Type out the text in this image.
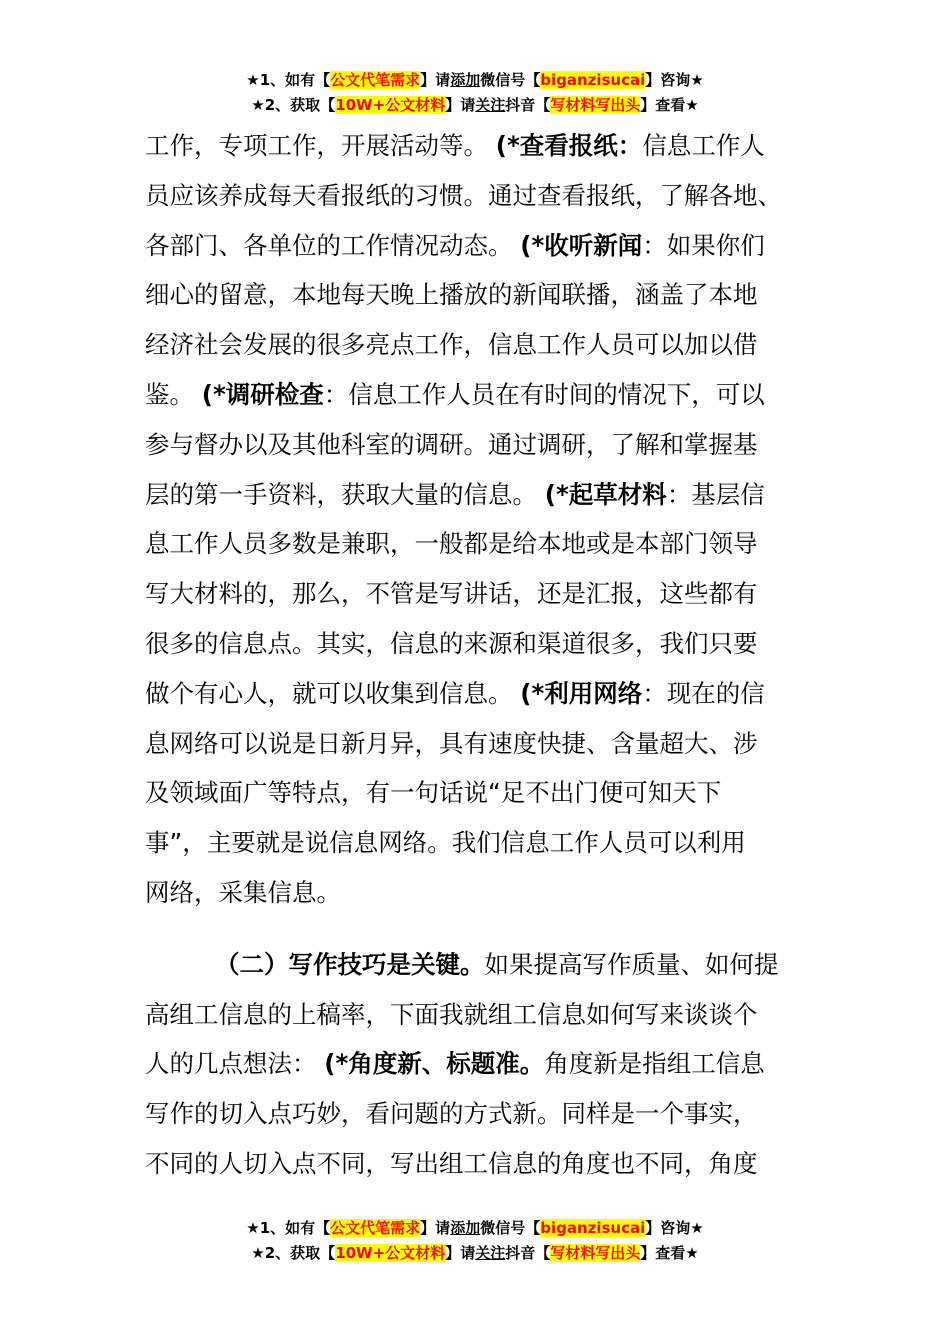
★1、如有【公文代笔需求】请添加微信号【biganzisucai】咨询★
★2、获取【10W+公文材料】请关注抖音【写材料写出头】查看★
工作，专项工作，开展活动等。 (*查看报纸：信息工作人
员应该养成每天看报纸的习惯。通过查看报纸，了解各地、
各部门、各单位的工作情况动态。 (*收听新闻：如果你们
细心的留意，本地每天晚上播放的新闻联播，涵盖了本地
经济社会发展的很多亮点工作，信息工作人员可以加以借
鉴。 (*调研检查：信息工作人员在有时间的情况下，可以
参与督办以及其他科室的调研。通过调研，了解和掌握基
层的第一手资料，获取大量的信息。 (*起草材料：基层信
息工作人员多数是兼职，一般都是给本地或是本部门领导
写大材料的，那么，不管是写讲话，还是汇报，这些都有
很多的信息点。其实，信息的来源和渠道很多，我们只要
做个有心人，就可以收集到信息。 (*利用网络：现在的信
息网络可以说是日新月异，具有速度快捷、含量超大、涉
及领域面广等特点，有一句话说“足不出门便可知天下
事”，主要就是说信息网络。我们信息工作人员可以利用
网络，采集信息。
（二）写作技巧是关键。如果提高写作质量、如何提
高组工信息的上稿率，下面我就组工信息如何写来谈谈个
人的几点想法： (*角度新、标题准。角度新是指组工信息
写作的切入点巧妙，看问题的方式新。同样是一个事实，
不同的人切入点不同，写出组工信息的角度也不同，角度
★1、如有【公文代笔需求】请添加微信号【biganzisucai】咨询★
★2、获取【10W+公文材料】请关注抖音【写材料写出头】查看★
